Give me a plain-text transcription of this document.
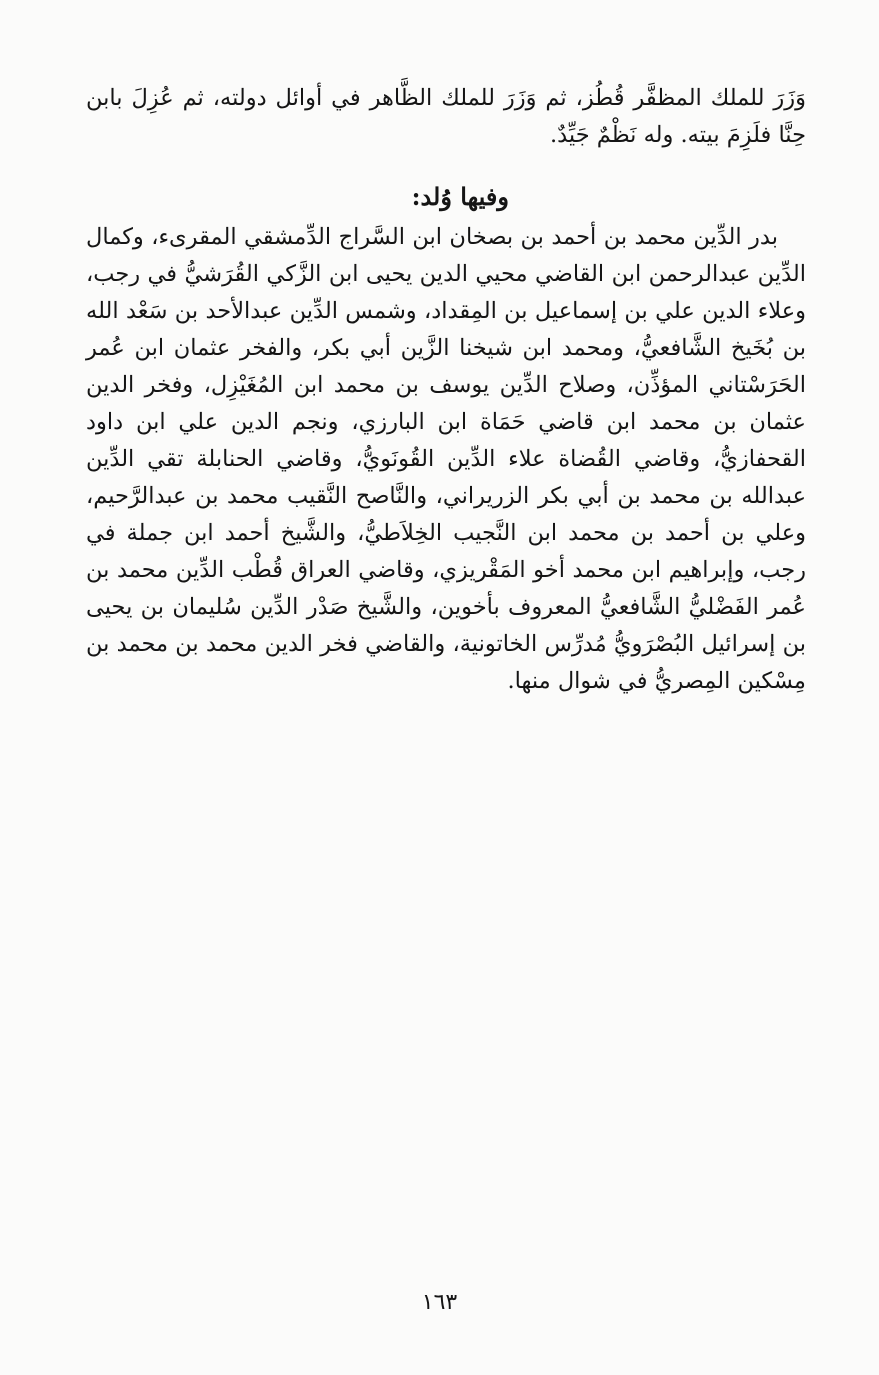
وَزَرَ للملك المظفَّر قُطُز، ثم وَزَرَ للملك الظَّاهر في أوائل دولته، ثم عُزِلَ بابن حِنَّا فلَزِمَ بيته. وله نَظْمٌ جَيِّدٌ.

وفيها وُلد:

بدر الدِّين محمد بن أحمد بن بصخان ابن السَّراج الدِّمشقي المقرىء، وكمال الدِّين عبدالرحمن ابن القاضي محيي الدين يحيى ابن الزَّكي القُرَشيُّ في رجب، وعلاء الدين علي بن إسماعيل بن المِقداد، وشمس الدِّين عبدالأحد بن سَعْد الله بن بُخَيخ الشَّافعيُّ، ومحمد ابن شيخنا الزَّين أبي بكر، والفخر عثمان ابن عُمر الحَرَسْتاني المؤذِّن، وصلاح الدِّين يوسف بن محمد ابن المُغَيْزِل، وفخر الدين عثمان بن محمد ابن قاضي حَمَاة ابن البارزي، ونجم الدين علي ابن داود القحفازيُّ، وقاضي القُضاة علاء الدِّين القُونَويُّ، وقاضي الحنابلة تقي الدِّين عبدالله بن محمد بن أبي بكر الزريراني، والنَّاصح النَّقيب محمد بن عبدالرَّحيم، وعلي بن أحمد بن محمد ابن النَّجيب الخِلاَطيُّ، والشَّيخ أحمد ابن جملة في رجب، وإبراهيم ابن محمد أخو المَقْريزي، وقاضي العراق قُطْب الدِّين محمد بن عُمر الفَضْليُّ الشَّافعيُّ المعروف بأخوين، والشَّيخ صَدْر الدِّين سُليمان بن يحيى بن إسرائيل البُصْرَويُّ مُدرِّس الخاتونية، والقاضي فخر الدين محمد بن محمد بن مِسْكين المِصريُّ في شوال منها.

١٦٣
